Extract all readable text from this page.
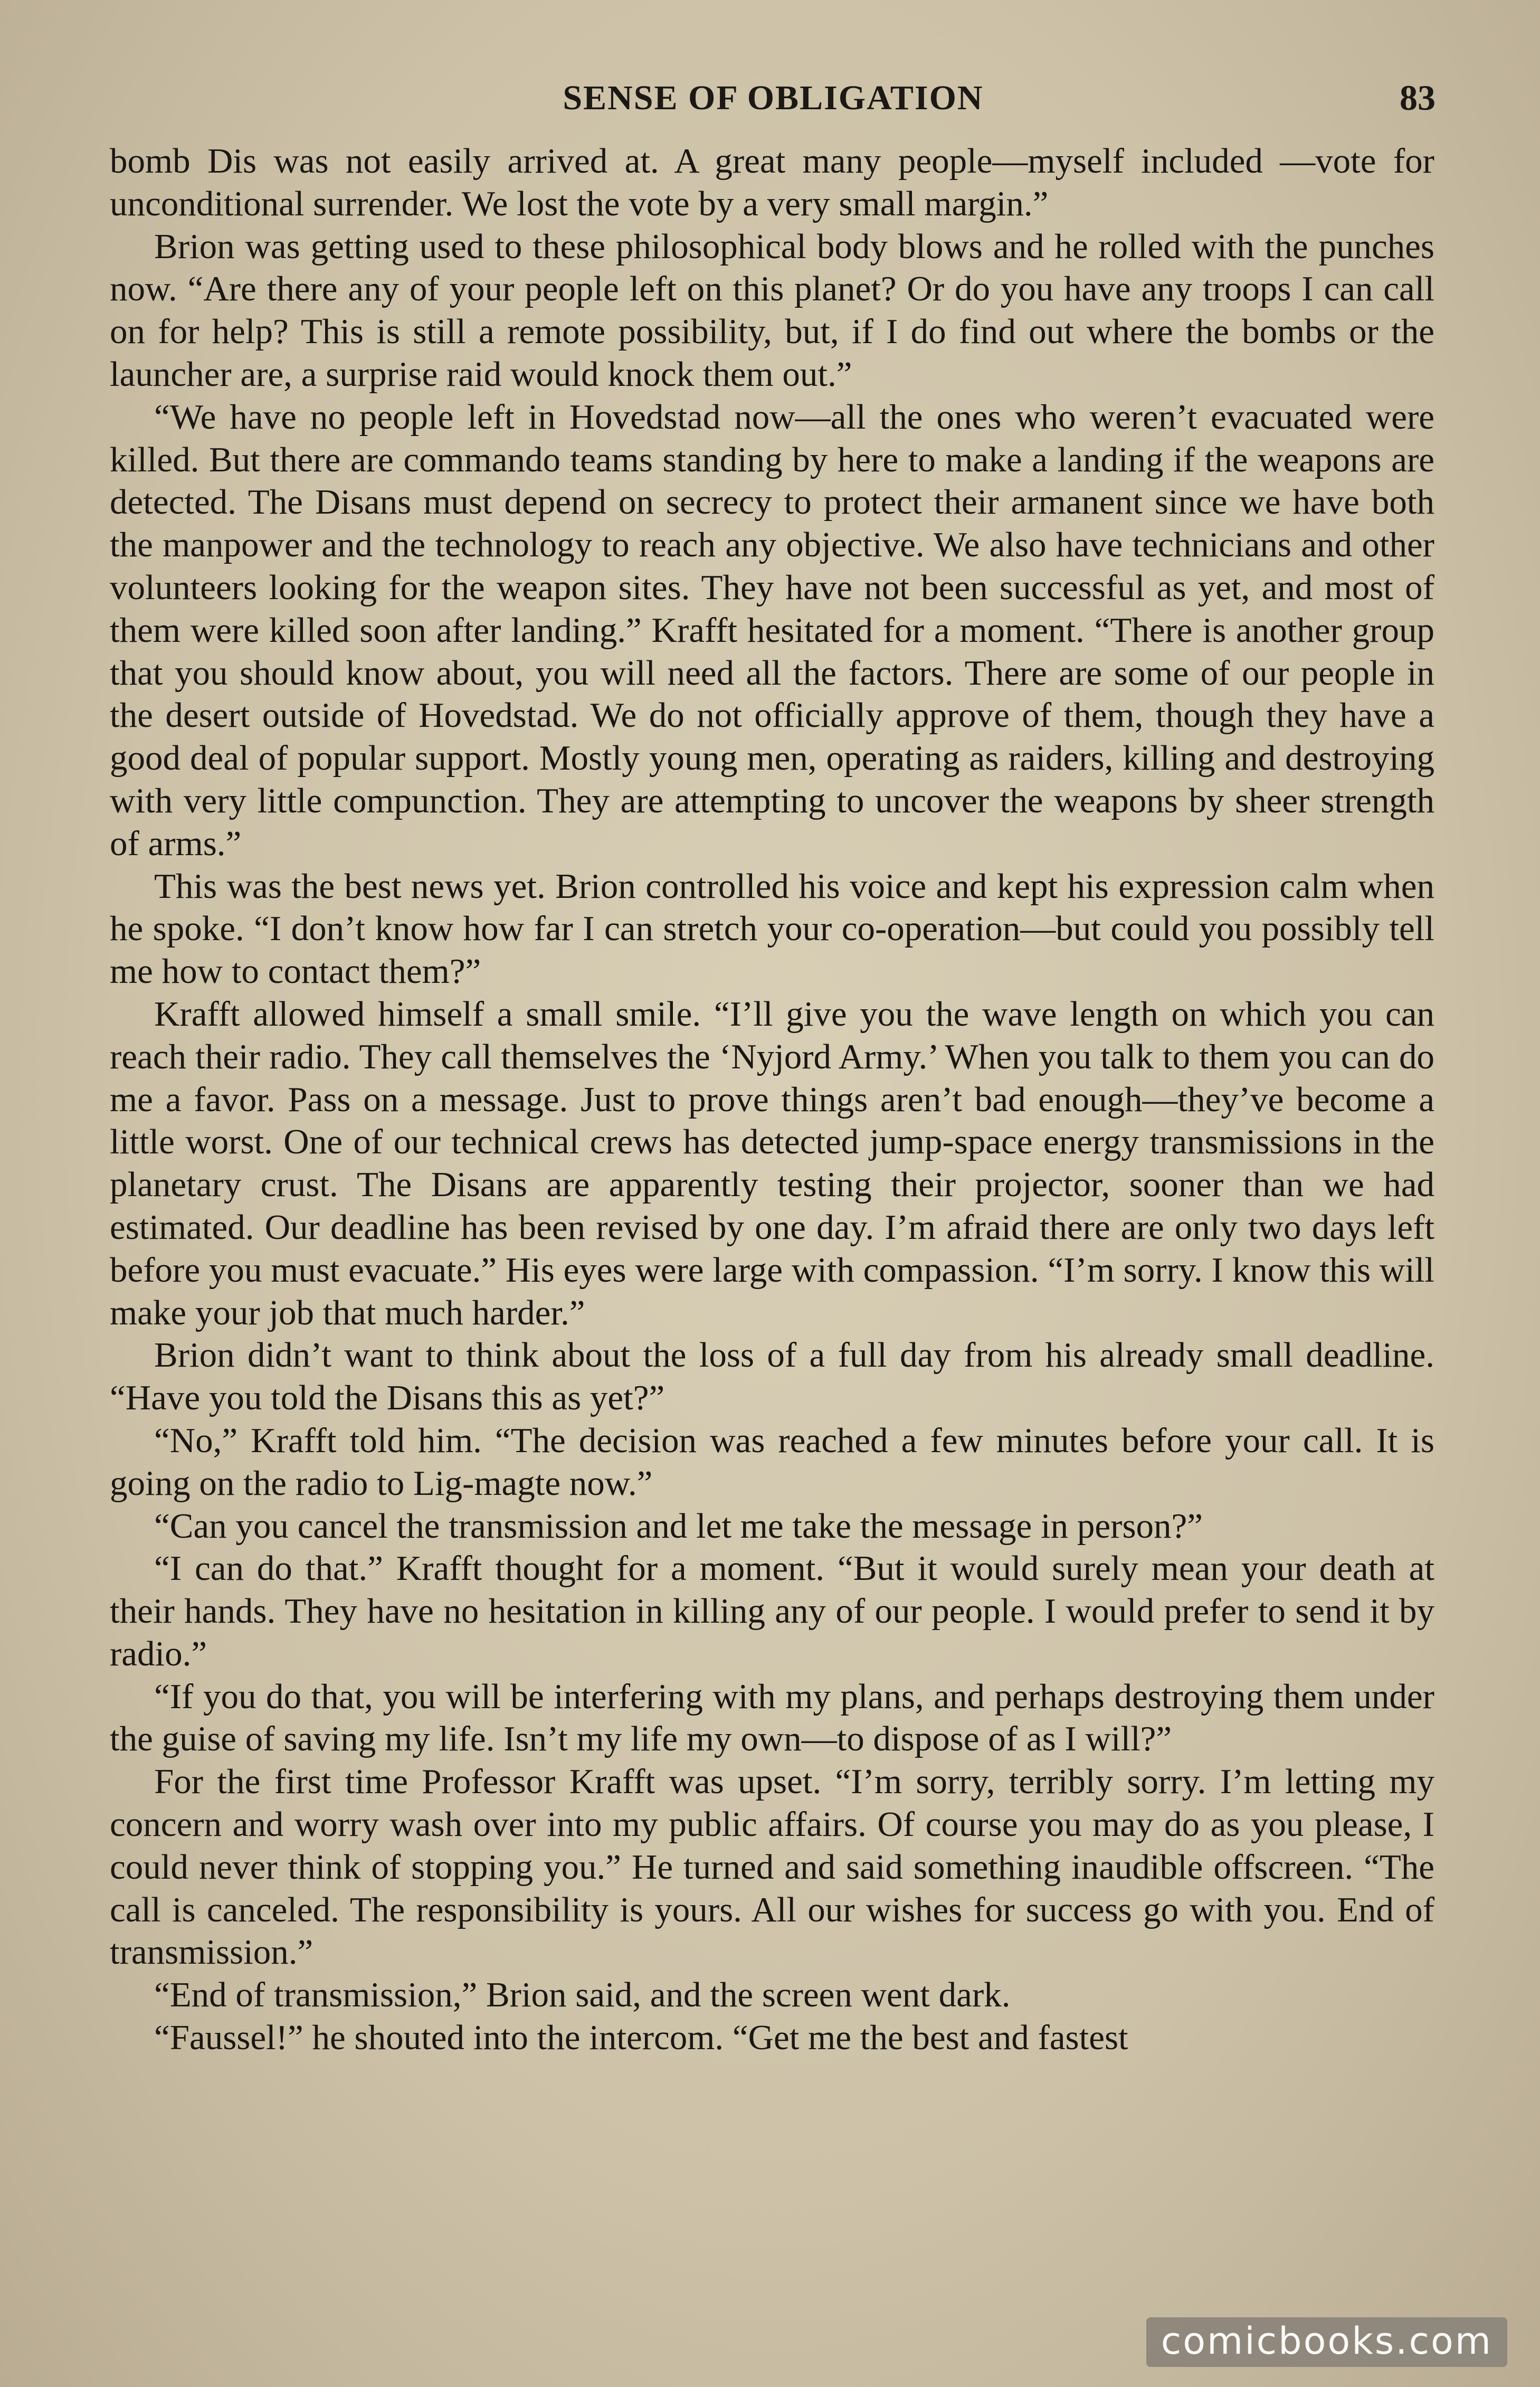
SENSE OF OBLIGATION	83

bomb Dis was not easily arrived at. A great many people—myself included —vote for unconditional surrender. We lost the vote by a very small margin.”

Brion was getting used to these philosophical body blows and he rolled with the punches now. “Are there any of your people left on this planet? Or do you have any troops I can call on for help? This is still a remote possibility, but, if I do find out where the bombs or the launcher are, a surprise raid would knock them out.”

“We have no people left in Hovedstad now—all the ones who weren’t evacuated were killed. But there are commando teams standing by here to make a landing if the weapons are detected. The Disans must depend on secrecy to protect their armanent since we have both the manpower and the technology to reach any objective. We also have technicians and other volunteers looking for the weapon sites. They have not been successful as yet, and most of them were killed soon after landing.” Krafft hesitated for a moment. “There is another group that you should know about, you will need all the factors. There are some of our people in the desert outside of Hovedstad. We do not officially approve of them, though they have a good deal of popular support. Mostly young men, operating as raiders, killing and destroying with very little compunction. They are attempting to uncover the weapons by sheer strength of arms.”

This was the best news yet. Brion controlled his voice and kept his expression calm when he spoke. “I don’t know how far I can stretch your co-operation—but could you possibly tell me how to contact them?”

Krafft allowed himself a small smile. “I’ll give you the wave length on which you can reach their radio. They call themselves the ‘Nyjord Army.’ When you talk to them you can do me a favor. Pass on a message. Just to prove things aren’t bad enough—they’ve become a little worst. One of our technical crews has detected jump-space energy transmissions in the planetary crust. The Disans are apparently testing their projector, sooner than we had estimated. Our deadline has been revised by one day. I’m afraid there are only two days left before you must evacuate.” His eyes were large with compassion. “I’m sorry. I know this will make your job that much harder.”

Brion didn’t want to think about the loss of a full day from his already small deadline. “Have you told the Disans this as yet?”

“No,” Krafft told him. “The decision was reached a few minutes before your call. It is going on the radio to Lig-magte now.”

“Can you cancel the transmission and let me take the message in person?”

“I can do that.” Krafft thought for a moment. “But it would surely mean your death at their hands. They have no hesitation in killing any of our people. I would prefer to send it by radio.”

“If you do that, you will be interfering with my plans, and perhaps destroying them under the guise of saving my life. Isn’t my life my own—to dispose of as I will?”

For the first time Professor Krafft was upset. “I’m sorry, terribly sorry. I’m letting my concern and worry wash over into my public affairs. Of course you may do as you please, I could never think of stopping you.” He turned and said something inaudible offscreen. “The call is canceled. The responsibility is yours. All our wishes for success go with you. End of transmission.”

“End of transmission,” Brion said, and the screen went dark.

“Faussel!” he shouted into the intercom. “Get me the best and fastest

comicbooks.com
